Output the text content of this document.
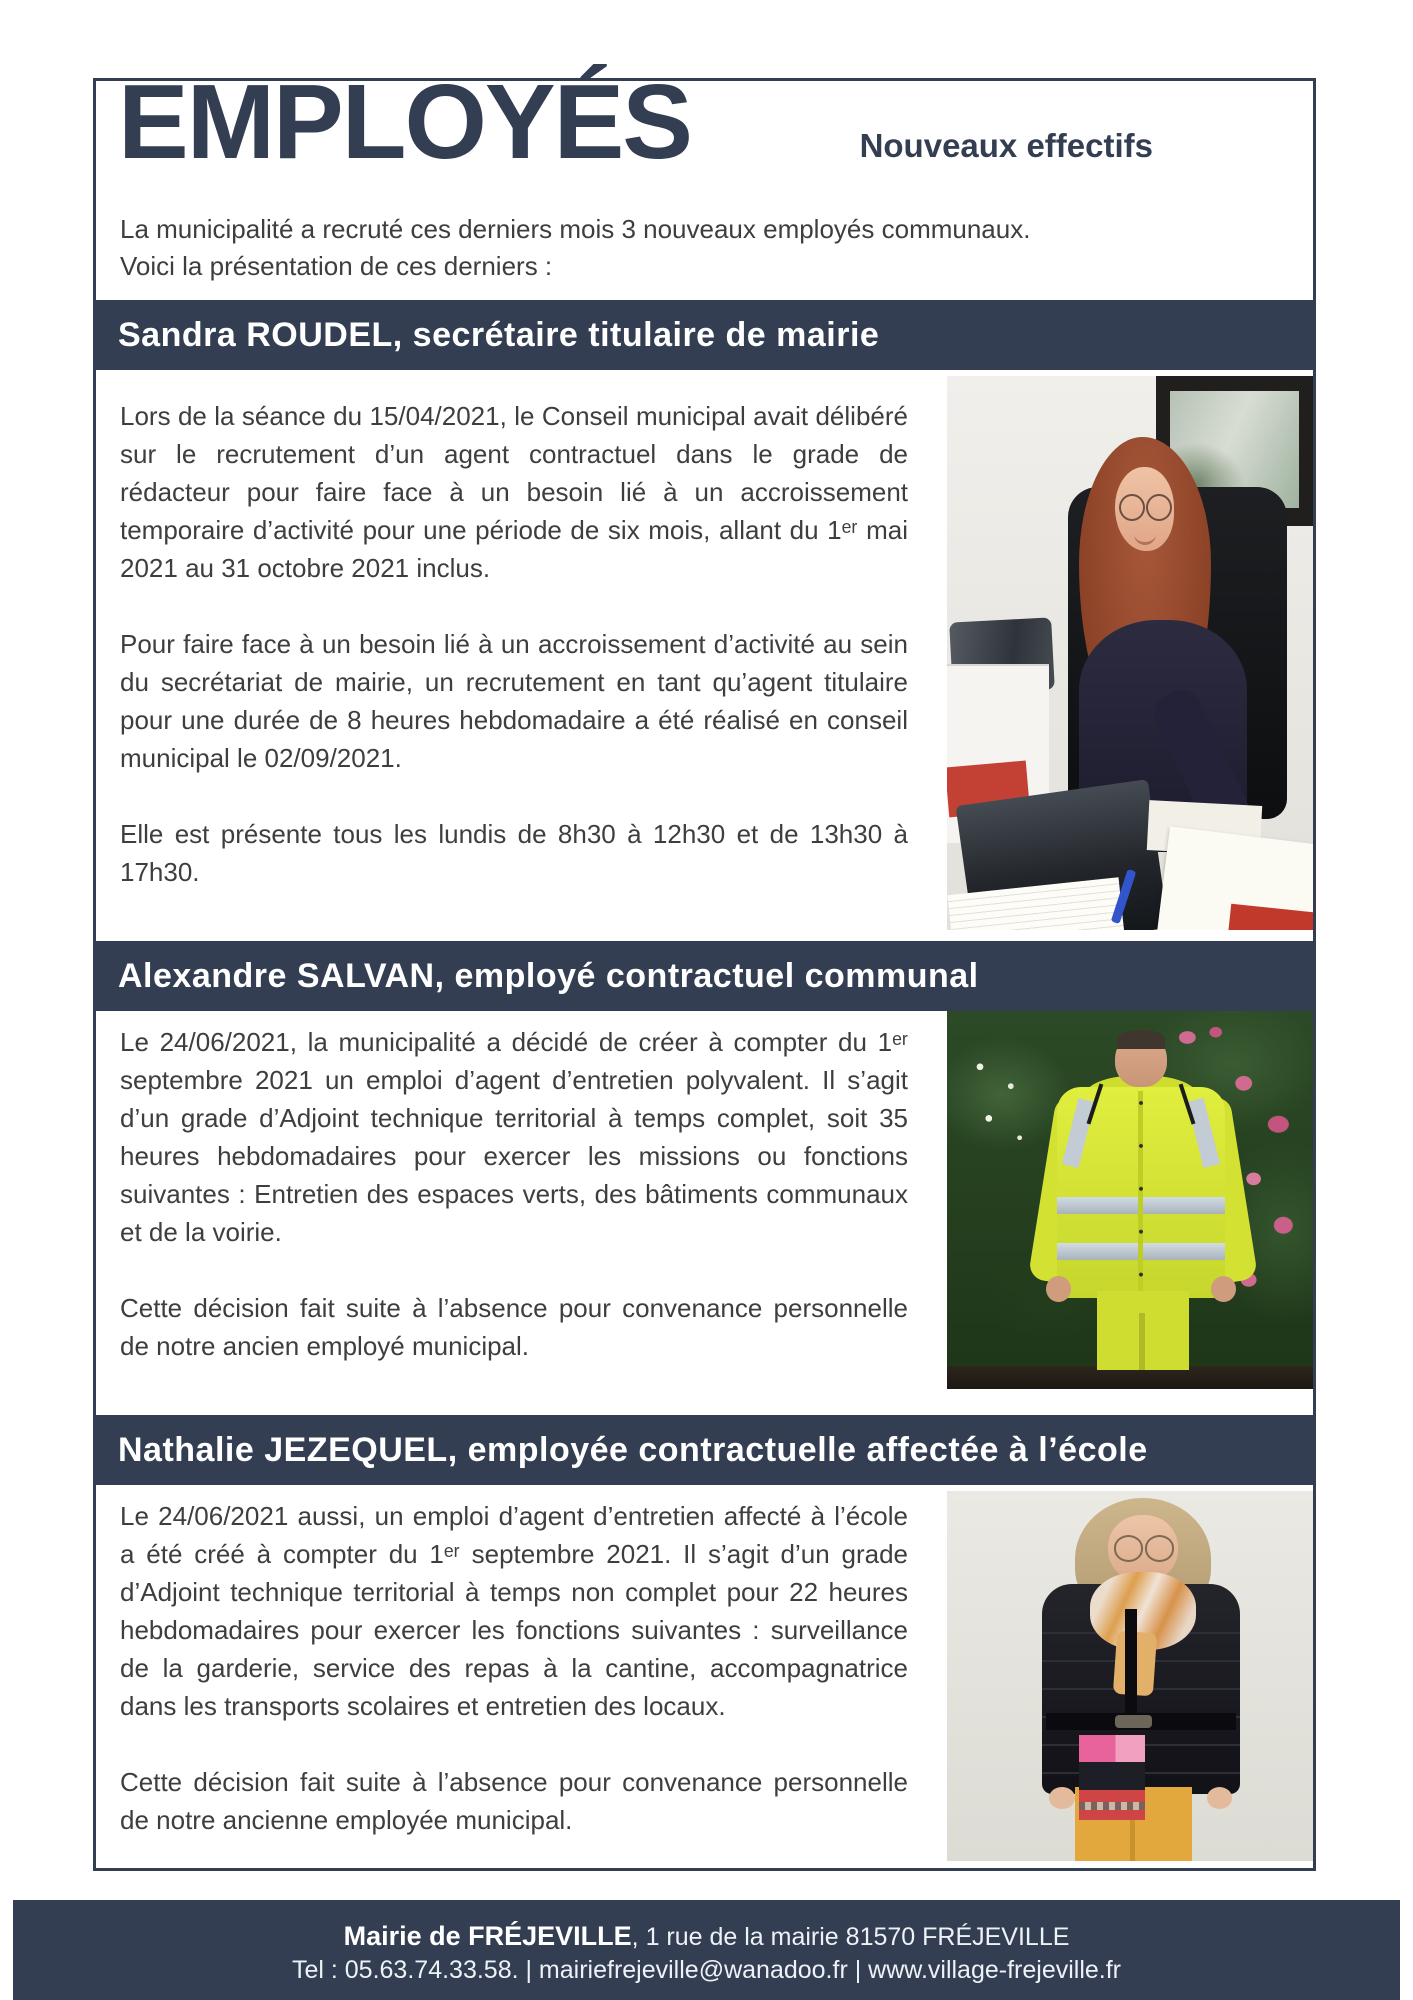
EMPLOYÉS	Nouveaux effectifs
La municipalité a recruté ces derniers mois 3 nouveaux employés communaux.
Voici la présentation de ces derniers :
Sandra ROUDEL, secrétaire titulaire de mairie

Lors de la séance du 15/04/2021, le Conseil municipal avait délibéré sur le recrutement d’un agent contractuel dans le grade de rédacteur pour faire face à un besoin lié à un accroissement temporaire d’activité pour une période de six mois, allant du 1ᵉʳ mai 2021 au 31 octobre 2021 inclus.

Pour faire face à un besoin lié à un accroissement d’activité au sein du secrétariat de mairie, un recrutement en tant qu’agent titulaire pour une durée de 8 heures hebdomadaire a été réalisé en conseil municipal le 02/09/2021.

Elle est présente tous les lundis de 8h30 à 12h30 et de 13h30 à 17h30.

Alexandre SALVAN, employé contractuel communal

Le 24/06/2021, la municipalité a décidé de créer à compter du 1ᵉʳ septembre 2021 un emploi d’agent d’entretien polyvalent. Il s’agit d’un grade d’Adjoint technique territorial à temps complet, soit 35 heures hebdomadaires pour exercer les missions ou fonctions suivantes : Entretien des espaces verts, des bâtiments communaux et de la voirie.

Cette décision fait suite à l’absence pour convenance personnelle de notre ancien employé municipal.

Nathalie JEZEQUEL, employée contractuelle affectée à l’école

Le 24/06/2021 aussi, un emploi d’agent d’entretien affecté à l’école a été créé à compter du 1ᵉʳ septembre 2021. Il s’agit d’un grade d’Adjoint technique territorial à temps non complet pour 22 heures hebdomadaires pour exercer les fonctions suivantes : surveillance de la garderie, service des repas à la cantine, accompagnatrice dans les transports scolaires et entretien des locaux.

Cette décision fait suite à l’absence pour convenance personnelle de notre ancienne employée municipal.

Mairie de FRÉJEVILLE, 1 rue de la mairie 81570 FRÉJEVILLE
Tel : 05.63.74.33.58. | mairiefrejeville@wanadoo.fr | www.village-frejeville.fr
